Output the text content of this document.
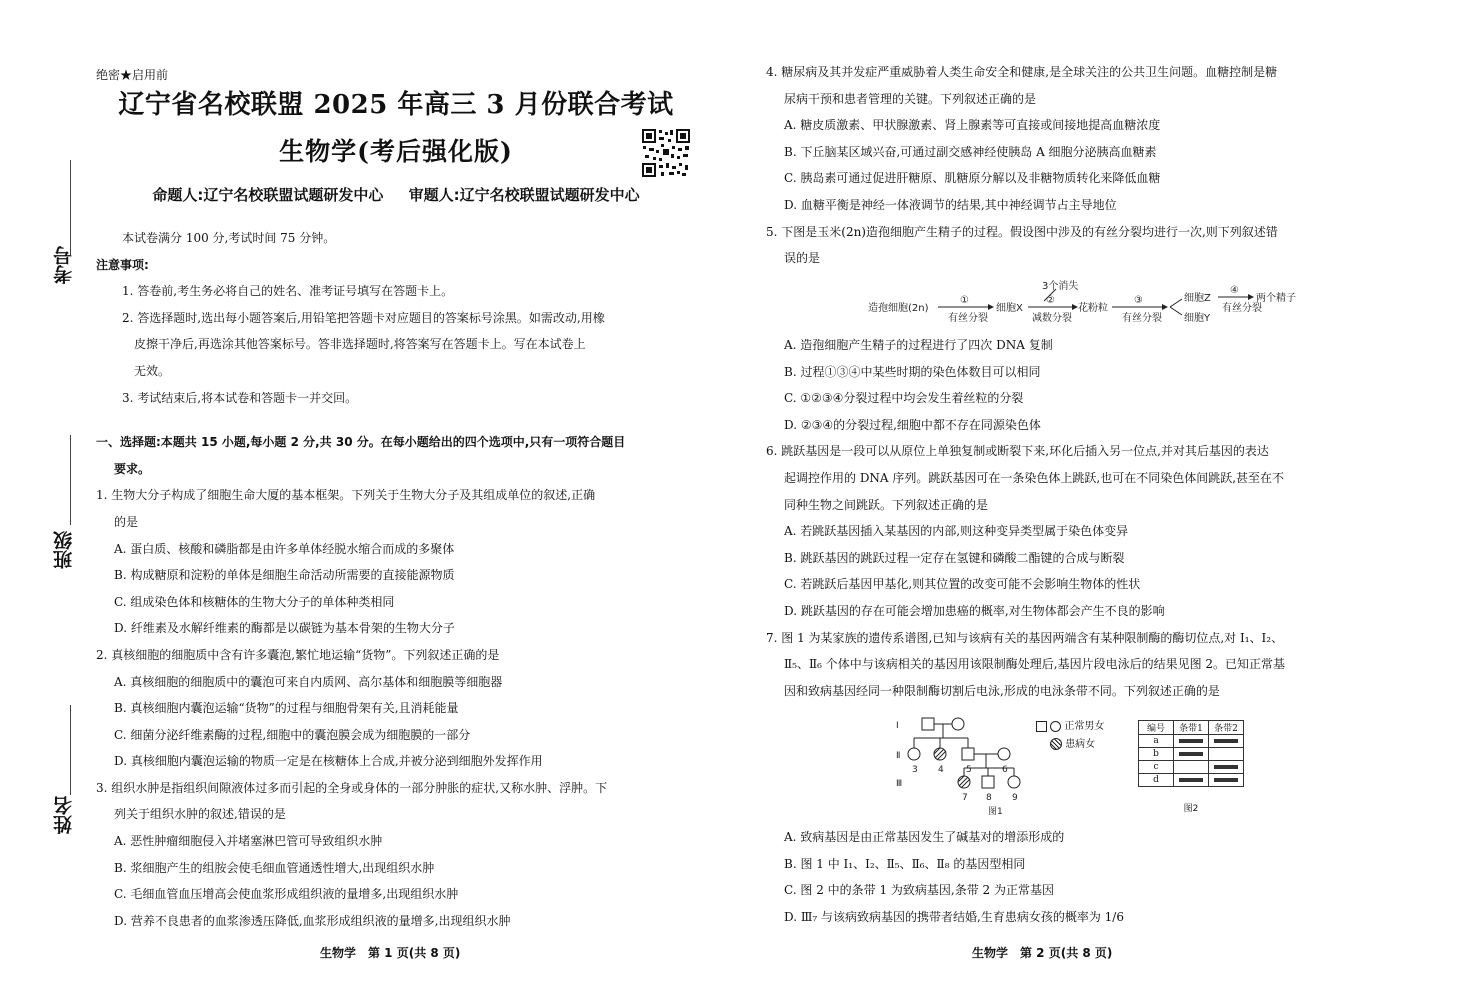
考号
班级
姓名
绝密★启用前
辽宁省名校联盟 2025 年高三 3 月份联合考试
生物学(考后强化版)
命题人:辽宁名校联盟试题研发中心 审题人:辽宁名校联盟试题研发中心

本试卷满分 100 分,考试时间 75 分钟。

注意事项:

1. 答卷前,考生务必将自己的姓名、准考证号填写在答题卡上。

2. 答选择题时,选出每小题答案后,用铅笔把答题卡对应题目的答案标号涂黑。如需改动,用橡

皮擦干净后,再选涂其他答案标号。答非选择题时,将答案写在答题卡上。写在本试卷上

无效。

3. 考试结束后,将本试卷和答题卡一并交回。

一、选择题:本题共 15 小题,每小题 2 分,共 30 分。在每小题给出的四个选项中,只有一项符合题目

要求。

1. 生物大分子构成了细胞生命大厦的基本框架。下列关于生物大分子及其组成单位的叙述,正确

的是

A. 蛋白质、核酸和磷脂都是由许多单体经脱水缩合而成的多聚体

B. 构成糖原和淀粉的单体是细胞生命活动所需要的直接能源物质

C. 组成染色体和核糖体的生物大分子的单体种类相同

D. 纤维素及水解纤维素的酶都是以碳链为基本骨架的生物大分子

2. 真核细胞的细胞质中含有许多囊泡,繁忙地运输“货物”。下列叙述正确的是

A. 真核细胞的细胞质中的囊泡可来自内质网、高尔基体和细胞膜等细胞器

B. 真核细胞内囊泡运输“货物”的过程与细胞骨架有关,且消耗能量

C. 细菌分泌纤维素酶的过程,细胞中的囊泡膜会成为细胞膜的一部分

D. 真核细胞内囊泡运输的物质一定是在核糖体上合成,并被分泌到细胞外发挥作用

3. 组织水肿是指组织间隙液体过多而引起的全身或身体的一部分肿胀的症状,又称水肿、浮肿。下

列关于组织水肿的叙述,错误的是

A. 恶性肿瘤细胞侵入并堵塞淋巴管可导致组织水肿

B. 浆细胞产生的组胺会使毛细血管通透性增大,出现组织水肿

C. 毛细血管血压增高会使血浆形成组织液的量增多,出现组织水肿

D. 营养不良患者的血浆渗透压降低,血浆形成组织液的量增多,出现组织水肿

生物学　第 1 页(共 8 页)

4. 糖尿病及其并发症严重威胁着人类生命安全和健康,是全球关注的公共卫生问题。血糖控制是糖

尿病干预和患者管理的关键。下列叙述正确的是

A. 糖皮质激素、甲状腺激素、肾上腺素等可直接或间接地提高血糖浓度

B. 下丘脑某区域兴奋,可通过副交感神经使胰岛 A 细胞分泌胰高血糖素

C. 胰岛素可通过促进肝糖原、肌糖原分解以及非糖物质转化来降低血糖

D. 血糖平衡是神经一体液调节的结果,其中神经调节占主导地位

5. 下图是玉米(2n)造孢细胞产生精子的过程。假设图中涉及的有丝分裂均进行一次,则下列叙述错

误的是

造孢细胞(2n)
①
有丝分裂
细胞X
3个消失
②
减数分裂
花粉粒
③
有丝分裂
细胞Z
细胞Y
④
有丝分裂
两个精子

A. 造孢细胞产生精子的过程进行了四次 DNA 复制

B. 过程①③④中某些时期的染色体数目可以相同

C. ①②③④分裂过程中均会发生着丝粒的分裂

D. ②③④的分裂过程,细胞中都不存在同源染色体

6. 跳跃基因是一段可以从原位上单独复制或断裂下来,环化后插入另一位点,并对其后基因的表达

起调控作用的 DNA 序列。跳跃基因可在一条染色体上跳跃,也可在不同染色体间跳跃,甚至在不

同种生物之间跳跃。下列叙述正确的是

A. 若跳跃基因插入某基因的内部,则这种变异类型属于染色体变异

B. 跳跃基因的跳跃过程一定存在氢键和磷酸二酯键的合成与断裂

C. 若跳跃后基因甲基化,则其位置的改变可能不会影响生物体的性状

D. 跳跃基因的存在可能会增加患癌的概率,对生物体都会产生不良的影响

7. 图 1 为某家族的遗传系谱图,已知与该病有关的基因两端含有某种限制酶的酶切位点,对 Ⅰ₁、Ⅰ₂、

Ⅱ₅、Ⅱ₆ 个体中与该病相关的基因用该限制酶处理后,基因片段电泳后的结果见图 2。已知正常基

因和致病基因经同一种限制酶切割后电泳,形成的电泳条带不同。下列叙述正确的是

Ⅰ
Ⅱ
Ⅲ
3 4 5	6
7 8 9
图1
正常男女
患病女
编号	条带1	条带2
a		
b		
c		
d		
图2

A. 致病基因是由正常基因发生了碱基对的增添形成的

B. 图 1 中 Ⅰ₁、Ⅰ₂、Ⅱ₅、Ⅱ₆、Ⅱ₈ 的基因型相同

C. 图 2 中的条带 1 为致病基因,条带 2 为正常基因

D. Ⅲ₇ 与该病致病基因的携带者结婚,生育患病女孩的概率为 1/6

生物学　第 2 页(共 8 页)
